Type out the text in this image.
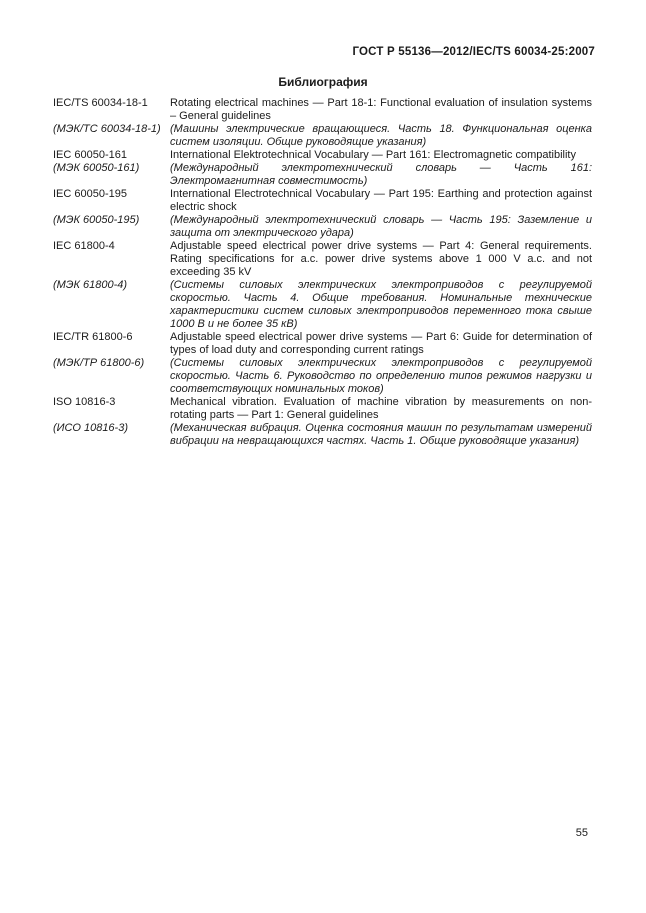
ГОСТ Р 55136—2012/IEC/TS 60034-25:2007
Библиография
IEC/TS 60034-18-1	Rotating electrical machines — Part 18-1: Functional evaluation of insulation systems – General guidelines
(МЭК/ТС 60034-18-1) (Машины электрические вращающиеся. Часть 18. Функциональная оценка систем изоляции. Общие руководящие указания)
IEC 60050-161	International Elektrotechnical Vocabulary — Part 161: Electromagnetic compatibility
(МЭК 60050-161)	(Международный электротехнический словарь — Часть 161: Электромагнитная совместимость)
IEC 60050-195	International Electrotechnical Vocabulary — Part 195: Earthing and protection against electric shock
(МЭК 60050-195)	(Международный электротехнический словарь — Часть 195: Заземление и защита от электрического удара)
IEC 61800-4	Adjustable speed electrical power drive systems — Part 4: General requirements. Rating specifications for a.c. power drive systems above 1 000 V a.c. and not exceeding 35 kV
(МЭК 61800-4)	(Системы силовых электрических электроприводов с регулируемой скоростью. Часть 4. Общие требования. Номинальные технические характеристики систем силовых электроприводов переменного тока свыше 1000 В и не более 35 кВ)
IEC/TR 61800-6	Adjustable speed electrical power drive systems — Part 6: Guide for determination of types of load duty and corresponding current ratings
(МЭК/ТР 61800-6)	(Системы силовых электрических электроприводов с регулируемой скоростью. Часть 6. Руководство по определению типов режимов нагрузки и соответствующих номинальных токов)
ISO 10816-3	Mechanical vibration. Evaluation of machine vibration by measurements on non-rotating parts — Part 1: General guidelines
(ИСО 10816-3)	(Механическая вибрация. Оценка состояния машин по результатам измерений вибрации на невращающихся частях. Часть 1. Общие руководящие указания)
55
